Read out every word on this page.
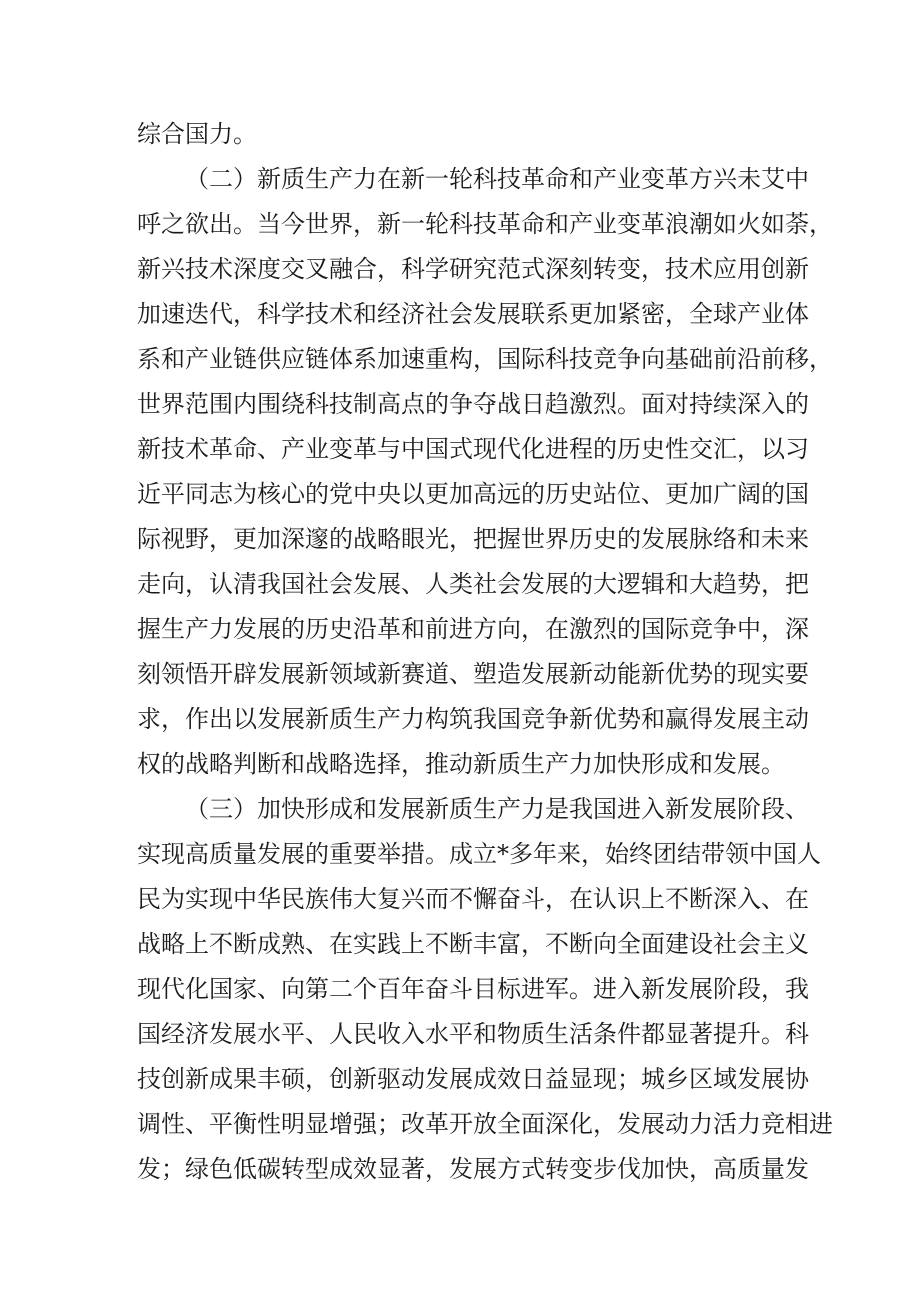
综合国力。

（二）新质生产力在新一轮科技革命和产业变革方兴未艾中

呼之欲出。当今世界，新一轮科技革命和产业变革浪潮如火如荼，

新兴技术深度交叉融合，科学研究范式深刻转变，技术应用创新

加速迭代，科学技术和经济社会发展联系更加紧密，全球产业体

系和产业链供应链体系加速重构，国际科技竞争向基础前沿前移，

世界范围内围绕科技制高点的争夺战日趋激烈。面对持续深入的

新技术革命、产业变革与中国式现代化进程的历史性交汇，以习

近平同志为核心的党中央以更加高远的历史站位、更加广阔的国

际视野，更加深邃的战略眼光，把握世界历史的发展脉络和未来

走向，认清我国社会发展、人类社会发展的大逻辑和大趋势，把

握生产力发展的历史沿革和前进方向，在激烈的国际竞争中，深

刻领悟开辟发展新领域新赛道、塑造发展新动能新优势的现实要

求，作出以发展新质生产力构筑我国竞争新优势和赢得发展主动

权的战略判断和战略选择，推动新质生产力加快形成和发展。

（三）加快形成和发展新质生产力是我国进入新发展阶段、

实现高质量发展的重要举措。成立*多年来，始终团结带领中国人

民为实现中华民族伟大复兴而不懈奋斗，在认识上不断深入、在

战略上不断成熟、在实践上不断丰富，不断向全面建设社会主义

现代化国家、向第二个百年奋斗目标进军。进入新发展阶段，我

国经济发展水平、人民收入水平和物质生活条件都显著提升。科

技创新成果丰硕，创新驱动发展成效日益显现；城乡区域发展协

调性、平衡性明显增强；改革开放全面深化，发展动力活力竞相进

发；绿色低碳转型成效显著，发展方式转变步伐加快，高质量发
